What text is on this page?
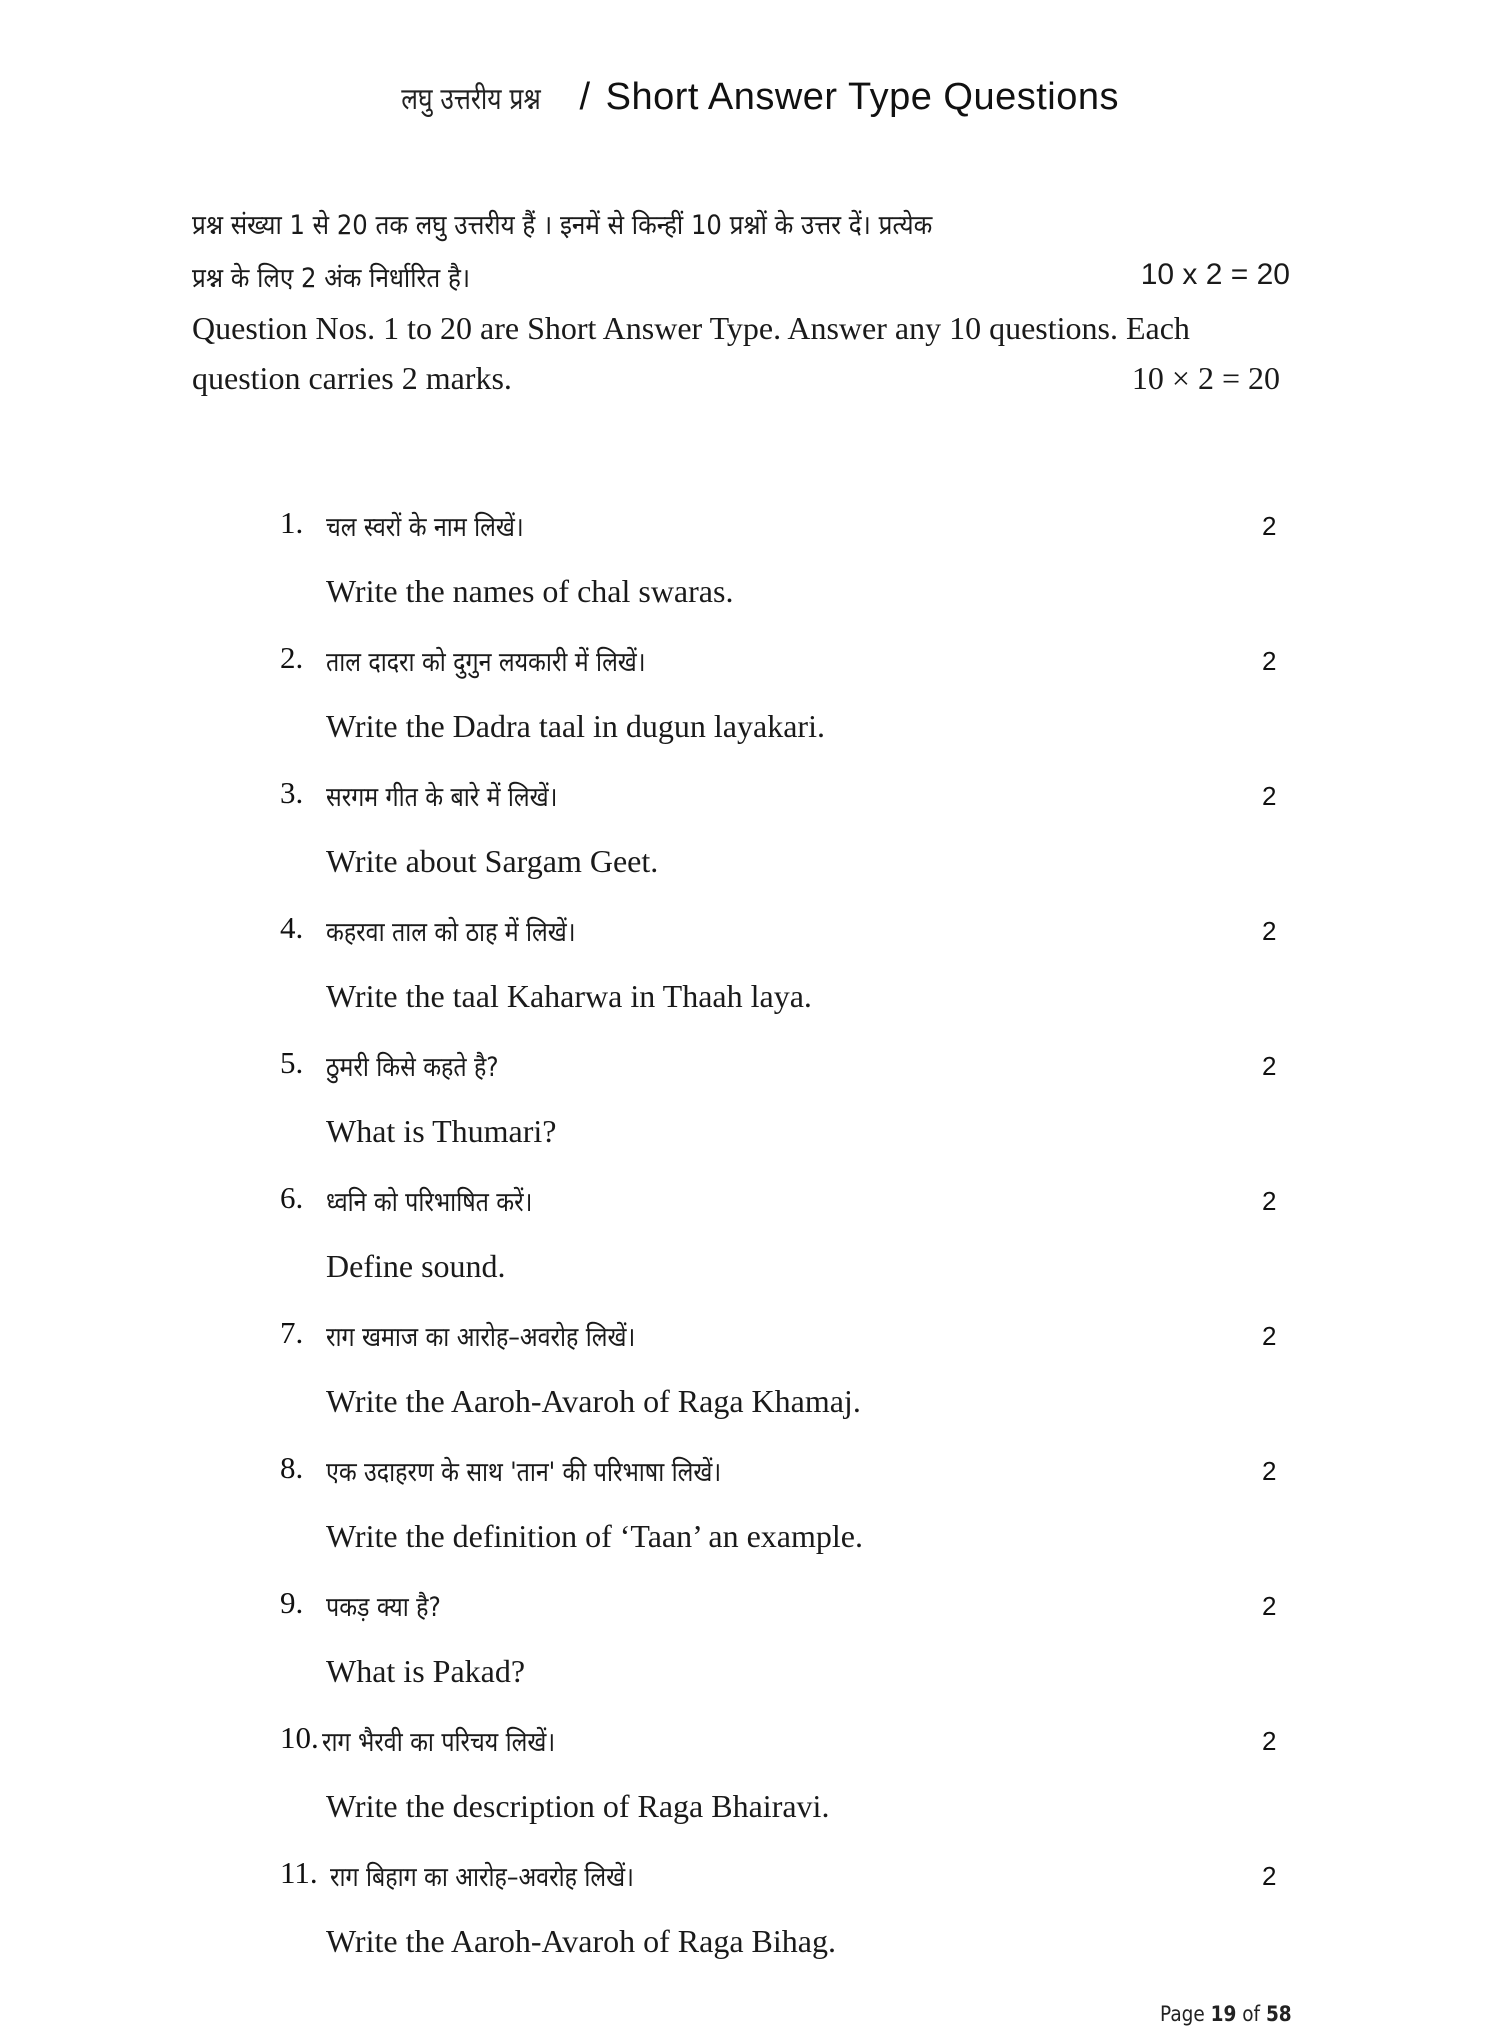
लघु उत्तरीय प्रश्न / Short Answer Type Questions
प्रश्न संख्या 1 से 20 तक लघु उत्तरीय हैं । इनमें से किन्हीं 10 प्रश्नों के उत्तर दें। प्रत्येक
प्रश्न के लिए 2 अंक निर्धारित है।	10 x 2 = 20
Question Nos. 1 to 20 are Short Answer Type. Answer any 10 questions. Each
question carries 2 marks.	10 × 2 = 20
1. चल स्वरों के नाम लिखें।
Write the names of chal swaras.
2
2. ताल दादरा को दुगुन लयकारी में लिखें।
Write the Dadra taal in dugun layakari.
2
3. सरगम गीत के बारे में लिखें।
Write about Sargam Geet.
2
4. कहरवा ताल को ठाह में लिखें।
Write the taal Kaharwa in Thaah laya.
2
5. ठुमरी किसे कहते है?
What is Thumari?
2
6. ध्वनि को परिभाषित करें।
Define sound.
2
7. राग खमाज का आरोह–अवरोह लिखें।
Write the Aaroh-Avaroh of Raga Khamaj.
2
8. एक उदाहरण के साथ 'तान' की परिभाषा लिखें।
Write the definition of ‘Taan’ an example.
2
9. पकड़ क्या है?
What is Pakad?
2
10. राग भैरवी का परिचय लिखें।
Write the description of Raga Bhairavi.
2
11. राग बिहाग का आरोह–अवरोह लिखें।
Write the Aaroh-Avaroh of Raga Bihag.
2
Page 19 of 58
